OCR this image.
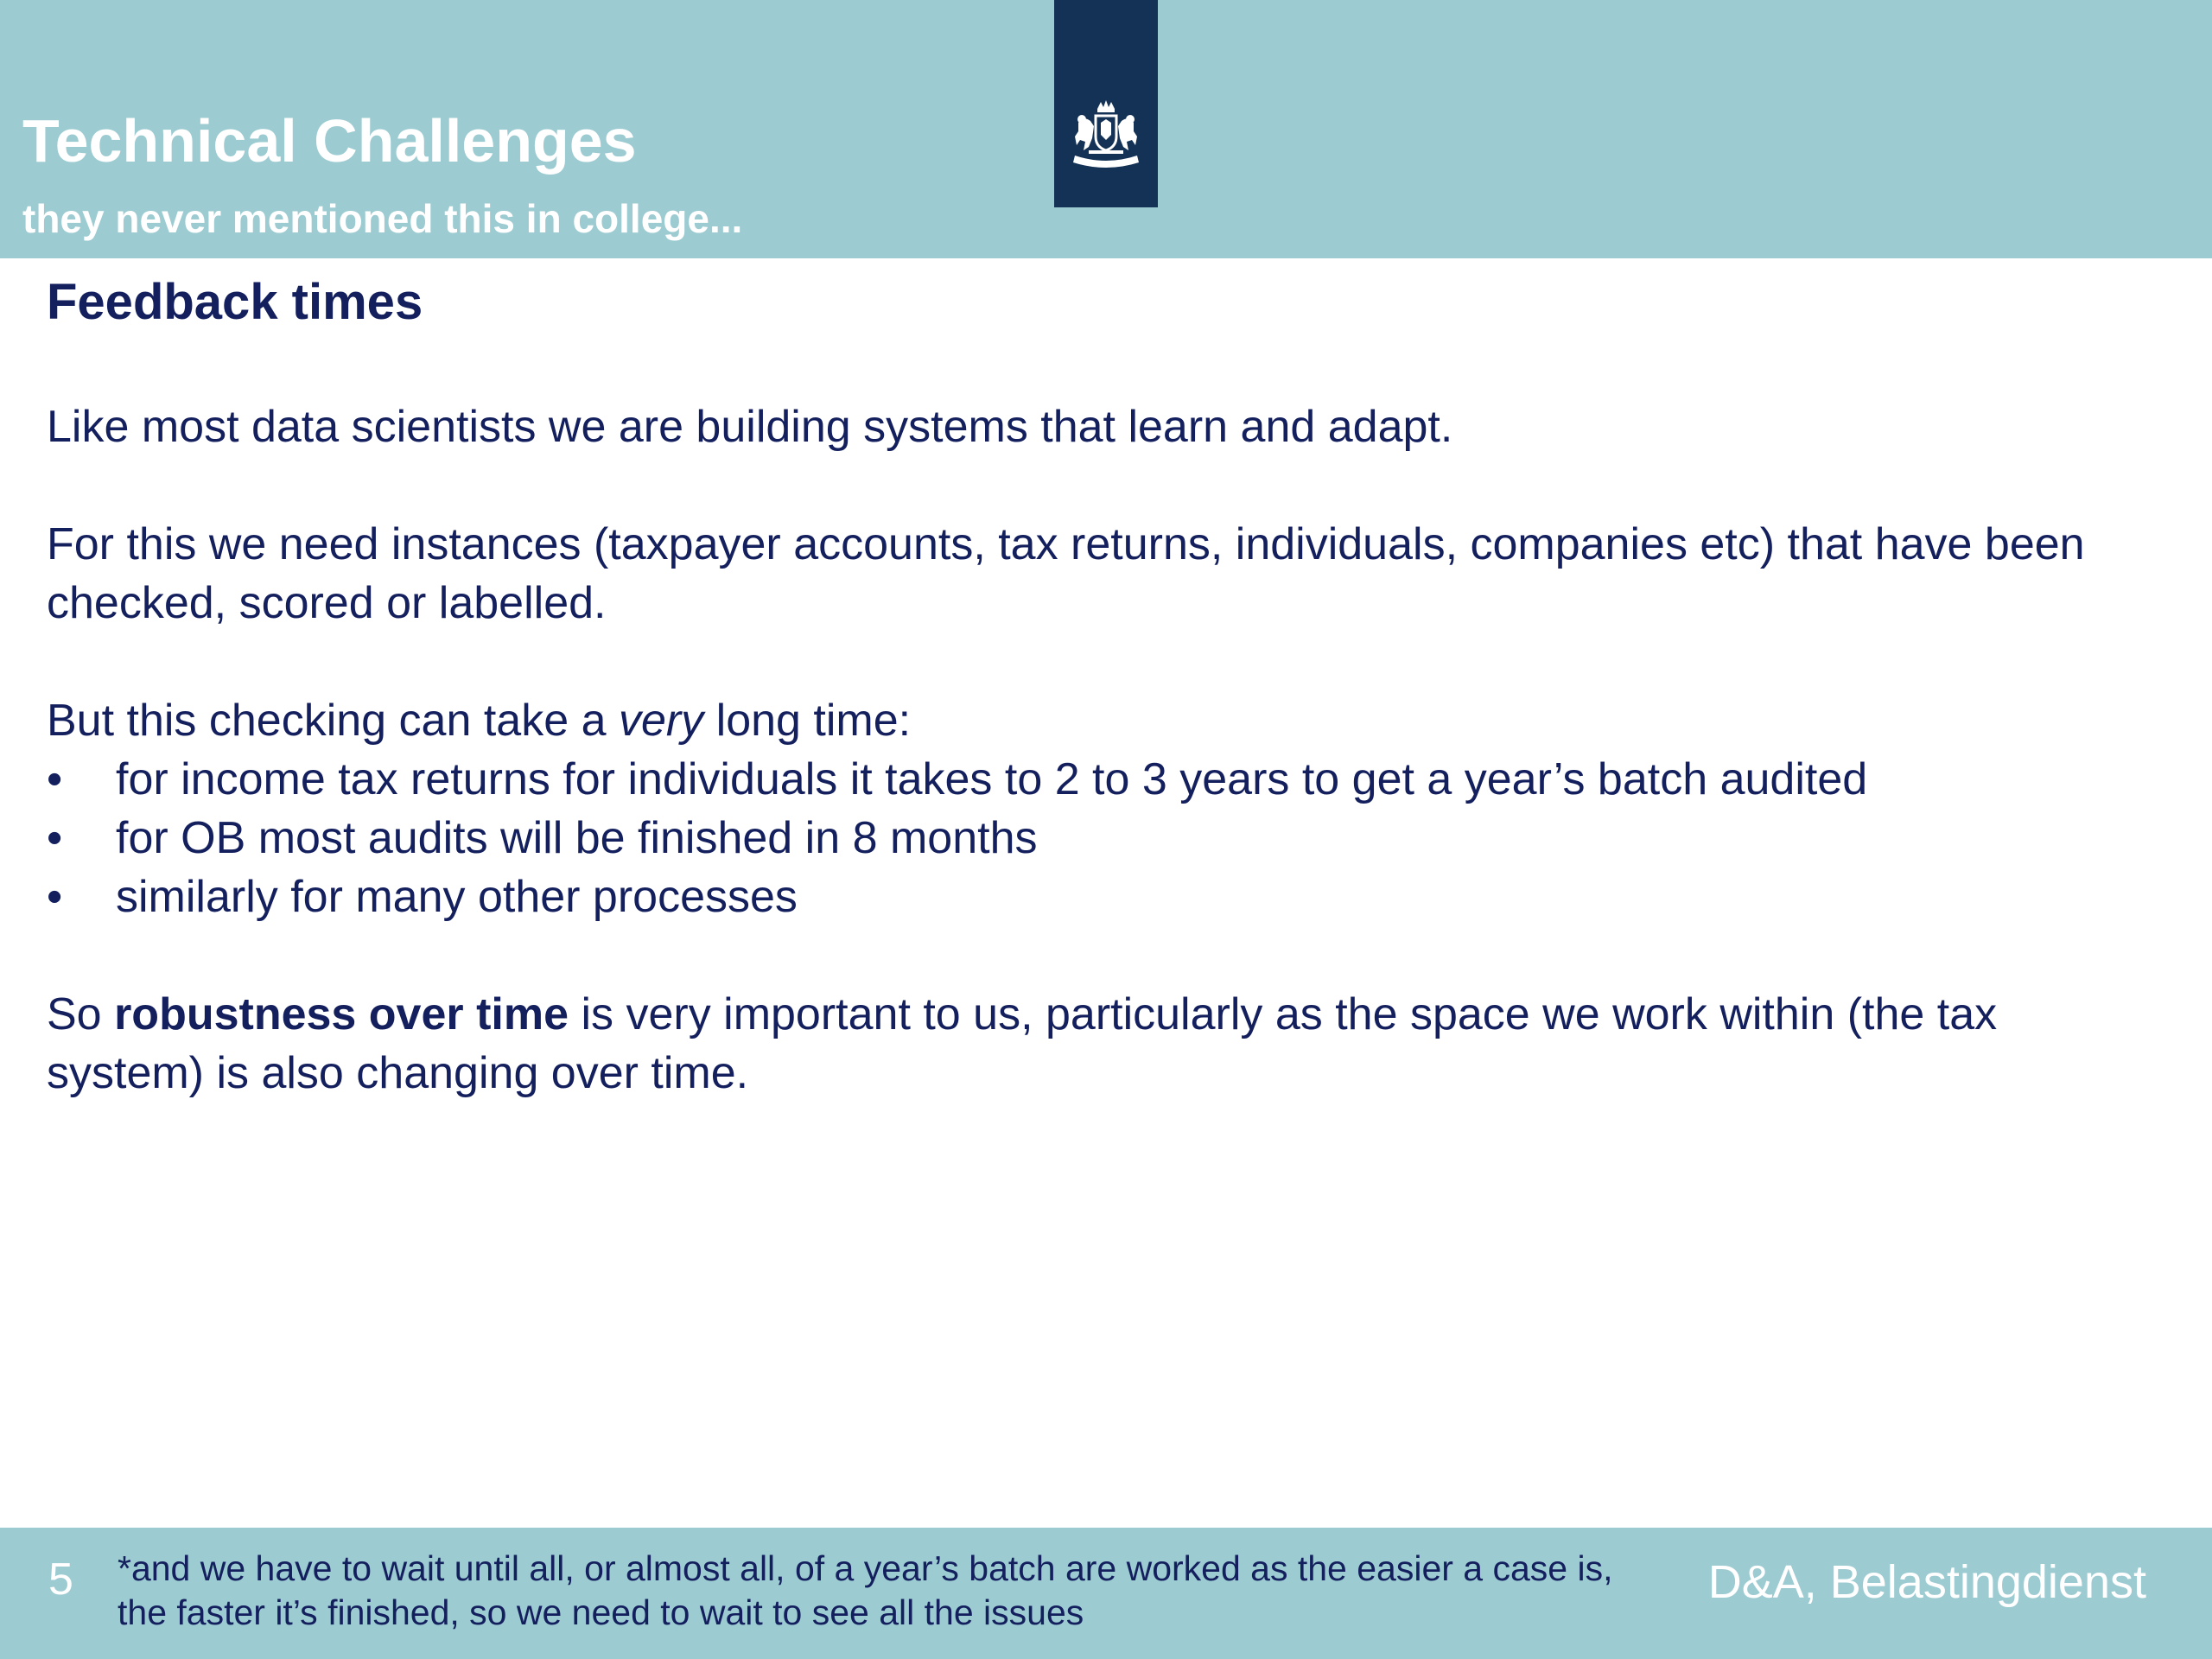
Technical Challenges
they never mentioned this in college...
Feedback times

Like most data scientists we are building systems that learn and adapt.

For this we need instances (taxpayer accounts, tax returns, individuals, companies etc) that have been checked, scored or labelled.

But this checking can take a very long time:

• for income tax returns for individuals it takes to 2 to 3 years to get a year’s batch audited
• for OB most audits will be finished in 8 months
• similarly for many other processes

So robustness over time is very important to us, particularly as the space we work within (the tax system) is also changing over time.

5 *and we have to wait until all, or almost all, of a year’s batch are worked as the easier a case is, the faster it’s finished, so we need to wait to see all the issues
D&A, Belastingdienst
